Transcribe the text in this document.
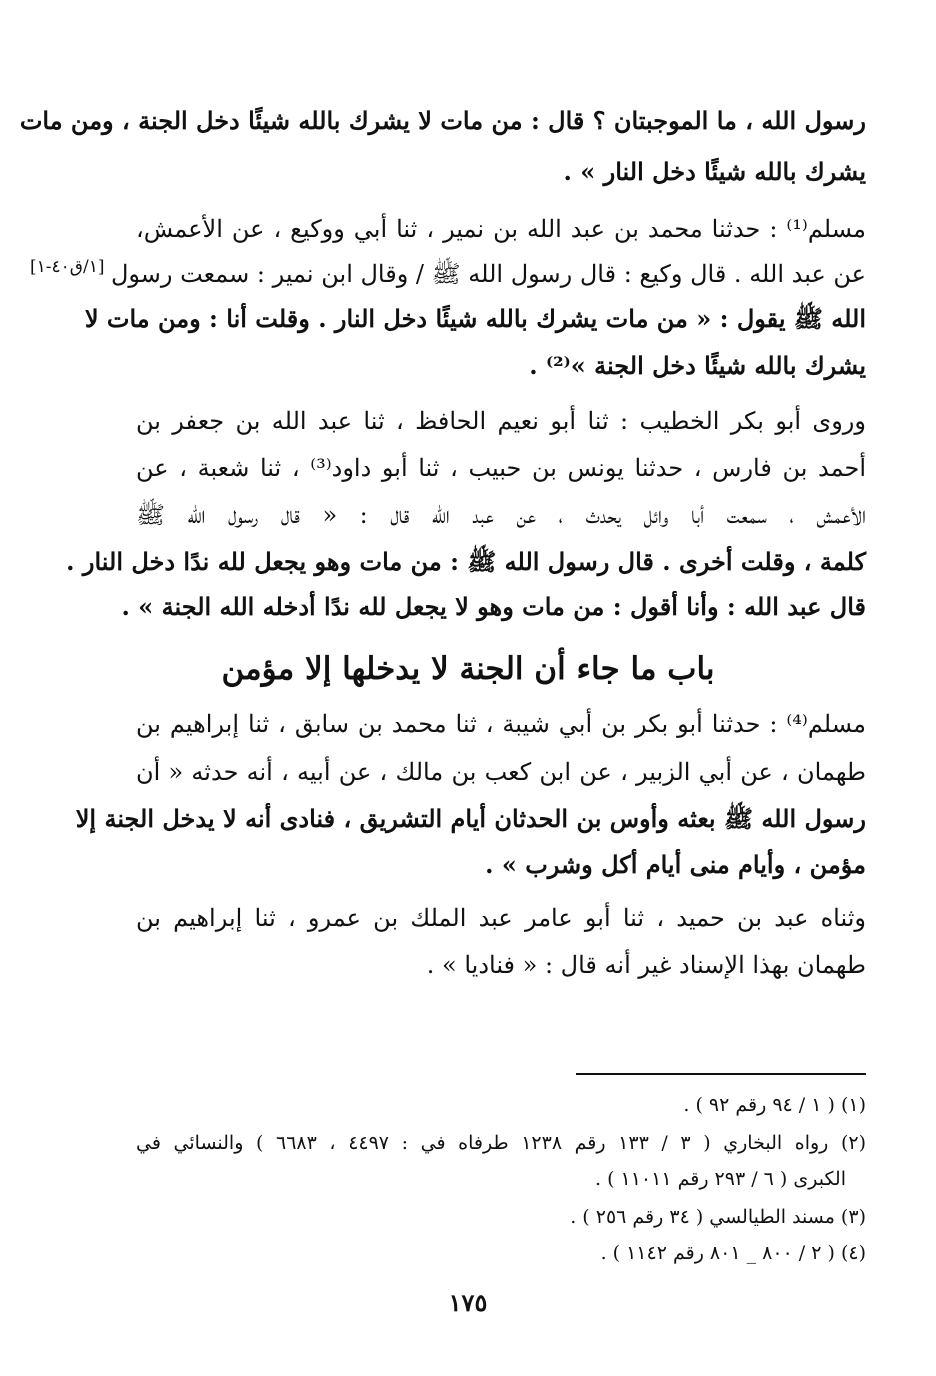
رسول الله ، ما الموجبتان ؟ قال : من مات لا يشرك بالله شيئًا دخل الجنة ، ومن مات
يشرك بالله شيئًا دخل النار » .
مسلم⁽¹⁾ : حدثنا محمد بن عبد الله بن نمير ، ثنا أبي ووكيع ، عن الأعمش،
عن عبد الله . قال وكيع : قال رسول الله ﷺ / وقال ابن نمير : سمعت رسول
[١/ق٤٠-١]
الله ﷺ يقول : « من مات يشرك بالله شيئًا دخل النار . وقلت أنا : ومن مات لا
يشرك بالله شيئًا دخل الجنة »⁽²⁾ .
وروى أبو بكر الخطيب : ثنا أبو نعيم الحافظ ، ثنا عبد الله بن جعفر بن
أحمد بن فارس ، حدثنا يونس بن حبيب ، ثنا أبو داود⁽³⁾ ، ثنا شعبة ، عن
الأعمش ، سمعت أبا وائل يحدث ، عن عبد الله قال : « قال رسول الله ﷺ
كلمة ، وقلت أخرى . قال رسول الله ﷺ : من مات وهو يجعل لله ندًا دخل النار .
قال عبد الله : وأنا أقول : من مات وهو لا يجعل لله ندًا أدخله الله الجنة » .
باب ما جاء أن الجنة لا يدخلها إلا مؤمن
مسلم⁽⁴⁾ : حدثنا أبو بكر بن أبي شيبة ، ثنا محمد بن سابق ، ثنا إبراهيم بن
طهمان ، عن أبي الزبير ، عن ابن كعب بن مالك ، عن أبيه ، أنه حدثه « أن
رسول الله ﷺ بعثه وأوس بن الحدثان أيام التشريق ، فنادى أنه لا يدخل الجنة إلا
مؤمن ، وأيام منى أيام أكل وشرب » .
وثناه عبد بن حميد ، ثنا أبو عامر عبد الملك بن عمرو ، ثنا إبراهيم بن
طهمان بهذا الإسناد غير أنه قال : « فناديا » .
(١) ( ١ / ٩٤ رقم ٩٢ ) .
(٢) رواه البخاري ( ٣ / ١٣٣ رقم ١٢٣٨ طرفاه في : ٤٤٩٧ ، ٦٦٨٣ ) والنسائي في
الكبرى ( ٦ / ٢٩٣ رقم ١١٠١١ ) .
(٣) مسند الطيالسي ( ٣٤ رقم ٢٥٦ ) .
(٤) ( ٢ / ٨٠٠ _ ٨٠١ رقم ١١٤٢ ) .
١٧٥
